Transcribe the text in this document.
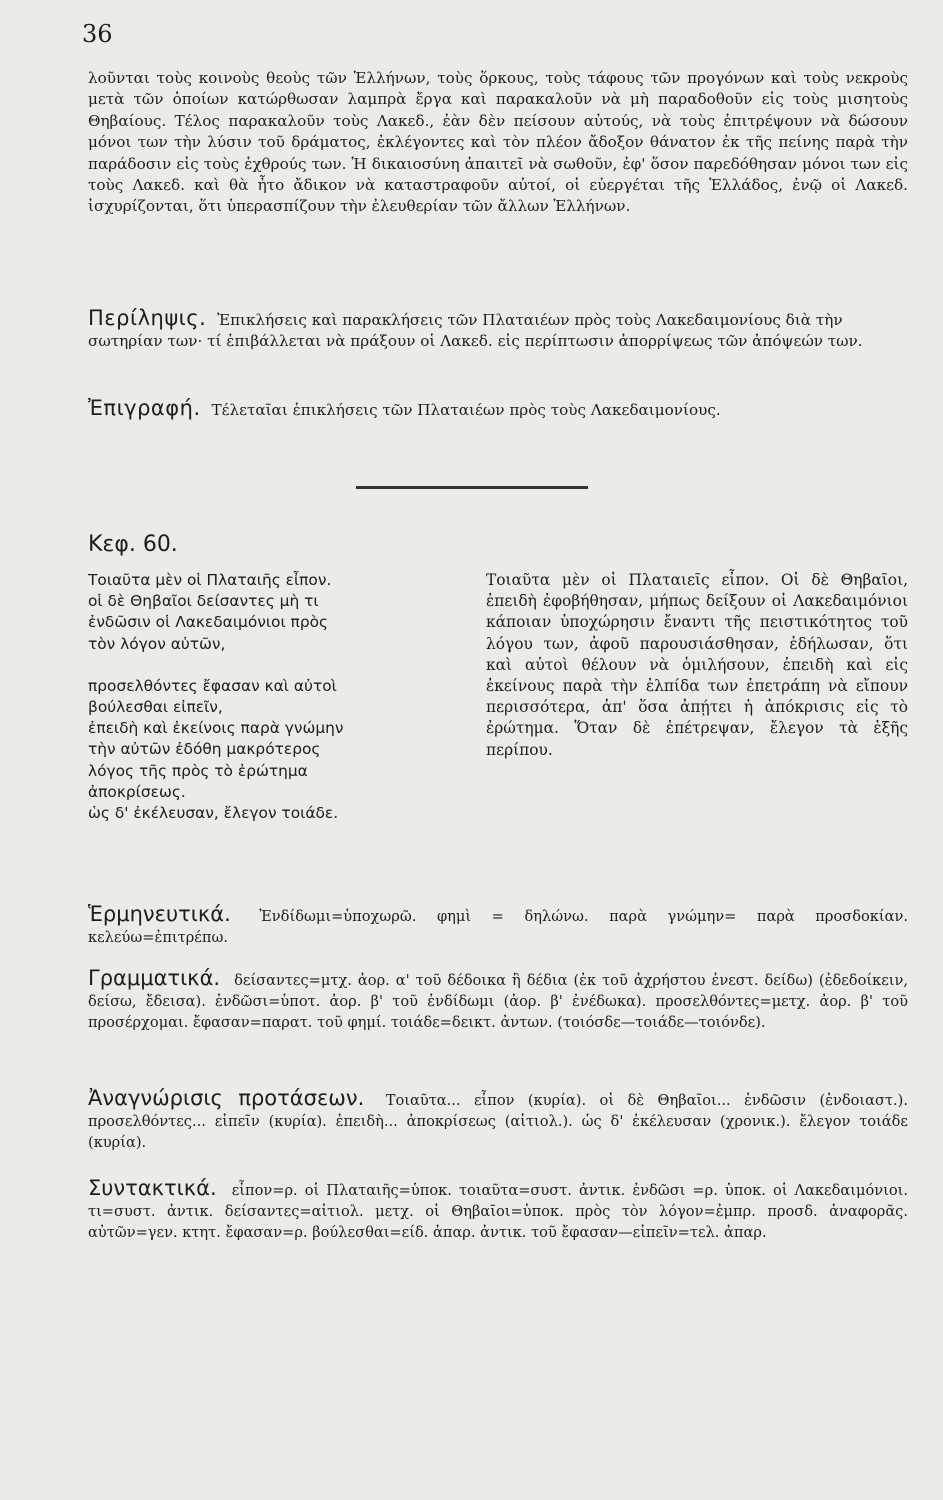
36

λοῦνται τοὺς κοινοὺς θεοὺς τῶν Ἑλλήνων, τοὺς ὅρκους, τοὺς τάφους τῶν προγόνων καὶ τοὺς νεκροὺς μετὰ τῶν ὁποίων κατώρθωσαν λαμπρὰ ἔργα καὶ παρακαλοῦν νὰ μὴ παραδοθοῦν εἰς τοὺς μισητοὺς Θηβαίους. Τέλος παρακαλοῦν τοὺς Λακεδ., ἐὰν δὲν πείσουν αὐτούς, νὰ τοὺς ἐπιτρέψουν νὰ δώσουν μόνοι των τὴν λύσιν τοῦ δράματος, ἐκλέγοντες καὶ τὸν πλέον ἄδοξον θάνατον ἐκ τῆς πείνης παρὰ τὴν παράδοσιν εἰς τοὺς ἐχθρούς των. Ἡ δικαιοσύνη ἀπαιτεῖ νὰ σωθοῦν, ἐφ' ὅσον παρεδόθησαν μόνοι των εἰς τοὺς Λακεδ. καὶ θὰ ἦτο ἄδικον νὰ καταστραφοῦν αὐτοί, οἱ εὐεργέται τῆς Ἑλλάδος, ἐνῷ οἱ Λακεδ. ἰσχυρίζονται, ὅτι ὑπερασπίζουν τὴν ἐλευθερίαν τῶν ἄλλων Ἑλλήνων.

Περίληψις. Ἐπικλήσεις καὶ παρακλήσεις τῶν Πλαταιέων πρὸς τοὺς Λακεδαιμονίους διὰ τὴν σωτηρίαν των· τί ἐπιβάλλεται νὰ πράξουν οἱ Λακεδ. εἰς περίπτωσιν ἀπορρίψεως τῶν ἀπόψεών των.

Ἐπιγραφή. Τέλεταῖαι ἐπικλήσεις τῶν Πλαταιέων πρὸς τοὺς Λακεδαιμονίους.

Κεφ. 60.
Τοιαῦτα μὲν οἱ Πλαταιῆς εἶπον.
οἱ δὲ Θηβαῖοι δείσαντες μὴ τι
ἐνδῶσιν οἱ Λακεδαιμόνιοι πρὸς
τὸν λόγον αὐτῶν,
προσελθόντες ἔφασαν καὶ αὐτοὶ
βούλεσθαι εἰπεῖν,
ἐπειδὴ καὶ ἐκείνοις παρὰ γνώμην
τὴν αὐτῶν ἐδόθη μακρότερος
λόγος τῆς πρὸς τὸ ἐρώτημα
ἀποκρίσεως.
ὡς δ' ἐκέλευσαν, ἔλεγον τοιάδε.

Τοιαῦτα μὲν οἱ Πλαταιεῖς εἶπον. Οἱ δὲ Θηβαῖοι, ἐπειδὴ ἐφοβήθησαν, μήπως δείξουν οἱ Λακεδαιμόνιοι κάποιαν ὑποχώρησιν ἔναντι τῆς πειστικότητος τοῦ λόγου των, ἀφοῦ παρουσιάσθησαν, ἐδήλωσαν, ὅτι καὶ αὐτοὶ θέλουν νὰ ὁμιλήσουν, ἐπειδὴ καὶ εἰς ἐκείνους παρὰ τὴν ἐλπίδα των ἐπετράπη νὰ εἴπουν περισσότερα, ἀπ' ὅσα ἀπῄτει ἡ ἀπόκρισις εἰς τὸ ἐρώτημα. Ὅταν δὲ ἐπέτρεψαν, ἔλεγον τὰ ἑξῆς περίπου.

Ἑρμηνευτικά. Ἐνδίδωμι=ὑποχωρῶ. φημὶ = δηλώνω. παρὰ γνώμην= παρὰ προσδοκίαν. κελεύω=ἐπιτρέπω.

Γραμματικά. δείσαντες=μτχ. ἀορ. α' τοῦ δέδοικα ἢ δέδια (ἐκ τοῦ ἀχρήστου ἐνεστ. δείδω) (ἐδεδοίκειν, δείσω, ἔδεισα). ἐνδῶσι=ὑποτ. ἀορ. β' τοῦ ἐνδίδωμι (ἀορ. β' ἐνέδωκα). προσελθόντες=μετχ. ἀορ. β' τοῦ προσέρχομαι. ἔφασαν=παρατ. τοῦ φημί. τοιάδε=δεικτ. ἀντων. (τοιόσδε—τοιάδε—τοιόνδε).

Ἀναγνώρισις προτάσεων. Τοιαῦτα... εἶπον (κυρία). οἱ δὲ Θηβαῖοι... ἐνδῶσιν (ἐνδοιαστ.). προσελθόντες... εἰπεῖν (κυρία). ἐπειδὴ... ἀποκρίσεως (αἰτιολ.). ὡς δ' ἐκέλευσαν (χρονικ.). ἔλεγον τοιάδε (κυρία).

Συντακτικά. εἶπον=ρ. οἱ Πλαταιῆς=ὑποκ. τοιαῦτα=συστ. ἀντικ. ἐνδῶσι =ρ. ὑποκ. οἱ Λακεδαιμόνιοι. τι=συστ. ἀντικ. δείσαντες=αἰτιολ. μετχ. οἱ Θηβαῖοι=ὑποκ. πρὸς τὸν λόγον=ἐμπρ. προσδ. ἀναφορᾶς. αὐτῶν=γεν. κτητ. ἔφασαν=ρ. βούλεσθαι=είδ. ἀπαρ. ἀντικ. τοῦ ἔφασαν—εἰπεῖν=τελ. ἀπαρ.
